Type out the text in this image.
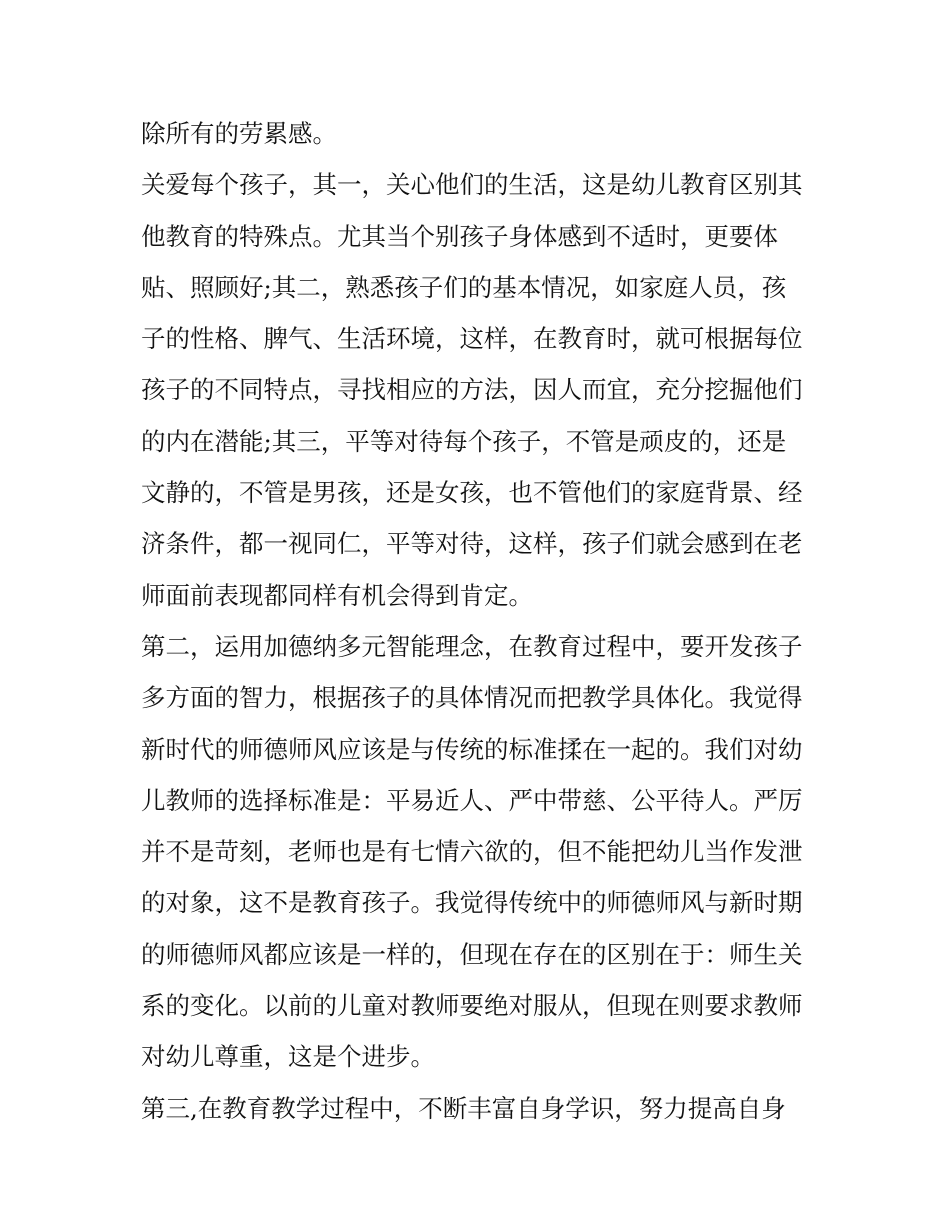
除所有的劳累感。
关爱每个孩子，其一，关心他们的生活，这是幼儿教育区别其
他教育的特殊点。尤其当个别孩子身体感到不适时，更要体
贴、照顾好;其二，熟悉孩子们的基本情况，如家庭人员，孩
子的性格、脾气、生活环境，这样，在教育时，就可根据每位
孩子的不同特点，寻找相应的方法，因人而宜，充分挖掘他们
的内在潜能;其三，平等对待每个孩子，不管是顽皮的，还是
文静的，不管是男孩，还是女孩，也不管他们的家庭背景、经
济条件，都一视同仁，平等对待，这样，孩子们就会感到在老
师面前表现都同样有机会得到肯定。
第二，运用加德纳多元智能理念，在教育过程中，要开发孩子
多方面的智力，根据孩子的具体情况而把教学具体化。我觉得
新时代的师德师风应该是与传统的标准揉在一起的。我们对幼
儿教师的选择标准是：平易近人、严中带慈、公平待人。严厉
并不是苛刻，老师也是有七情六欲的，但不能把幼儿当作发泄
的对象，这不是教育孩子。我觉得传统中的师德师风与新时期
的师德师风都应该是一样的，但现在存在的区别在于：师生关
系的变化。以前的儿童对教师要绝对服从，但现在则要求教师
对幼儿尊重，这是个进步。
第三,在教育教学过程中，不断丰富自身学识，努力提高自身
